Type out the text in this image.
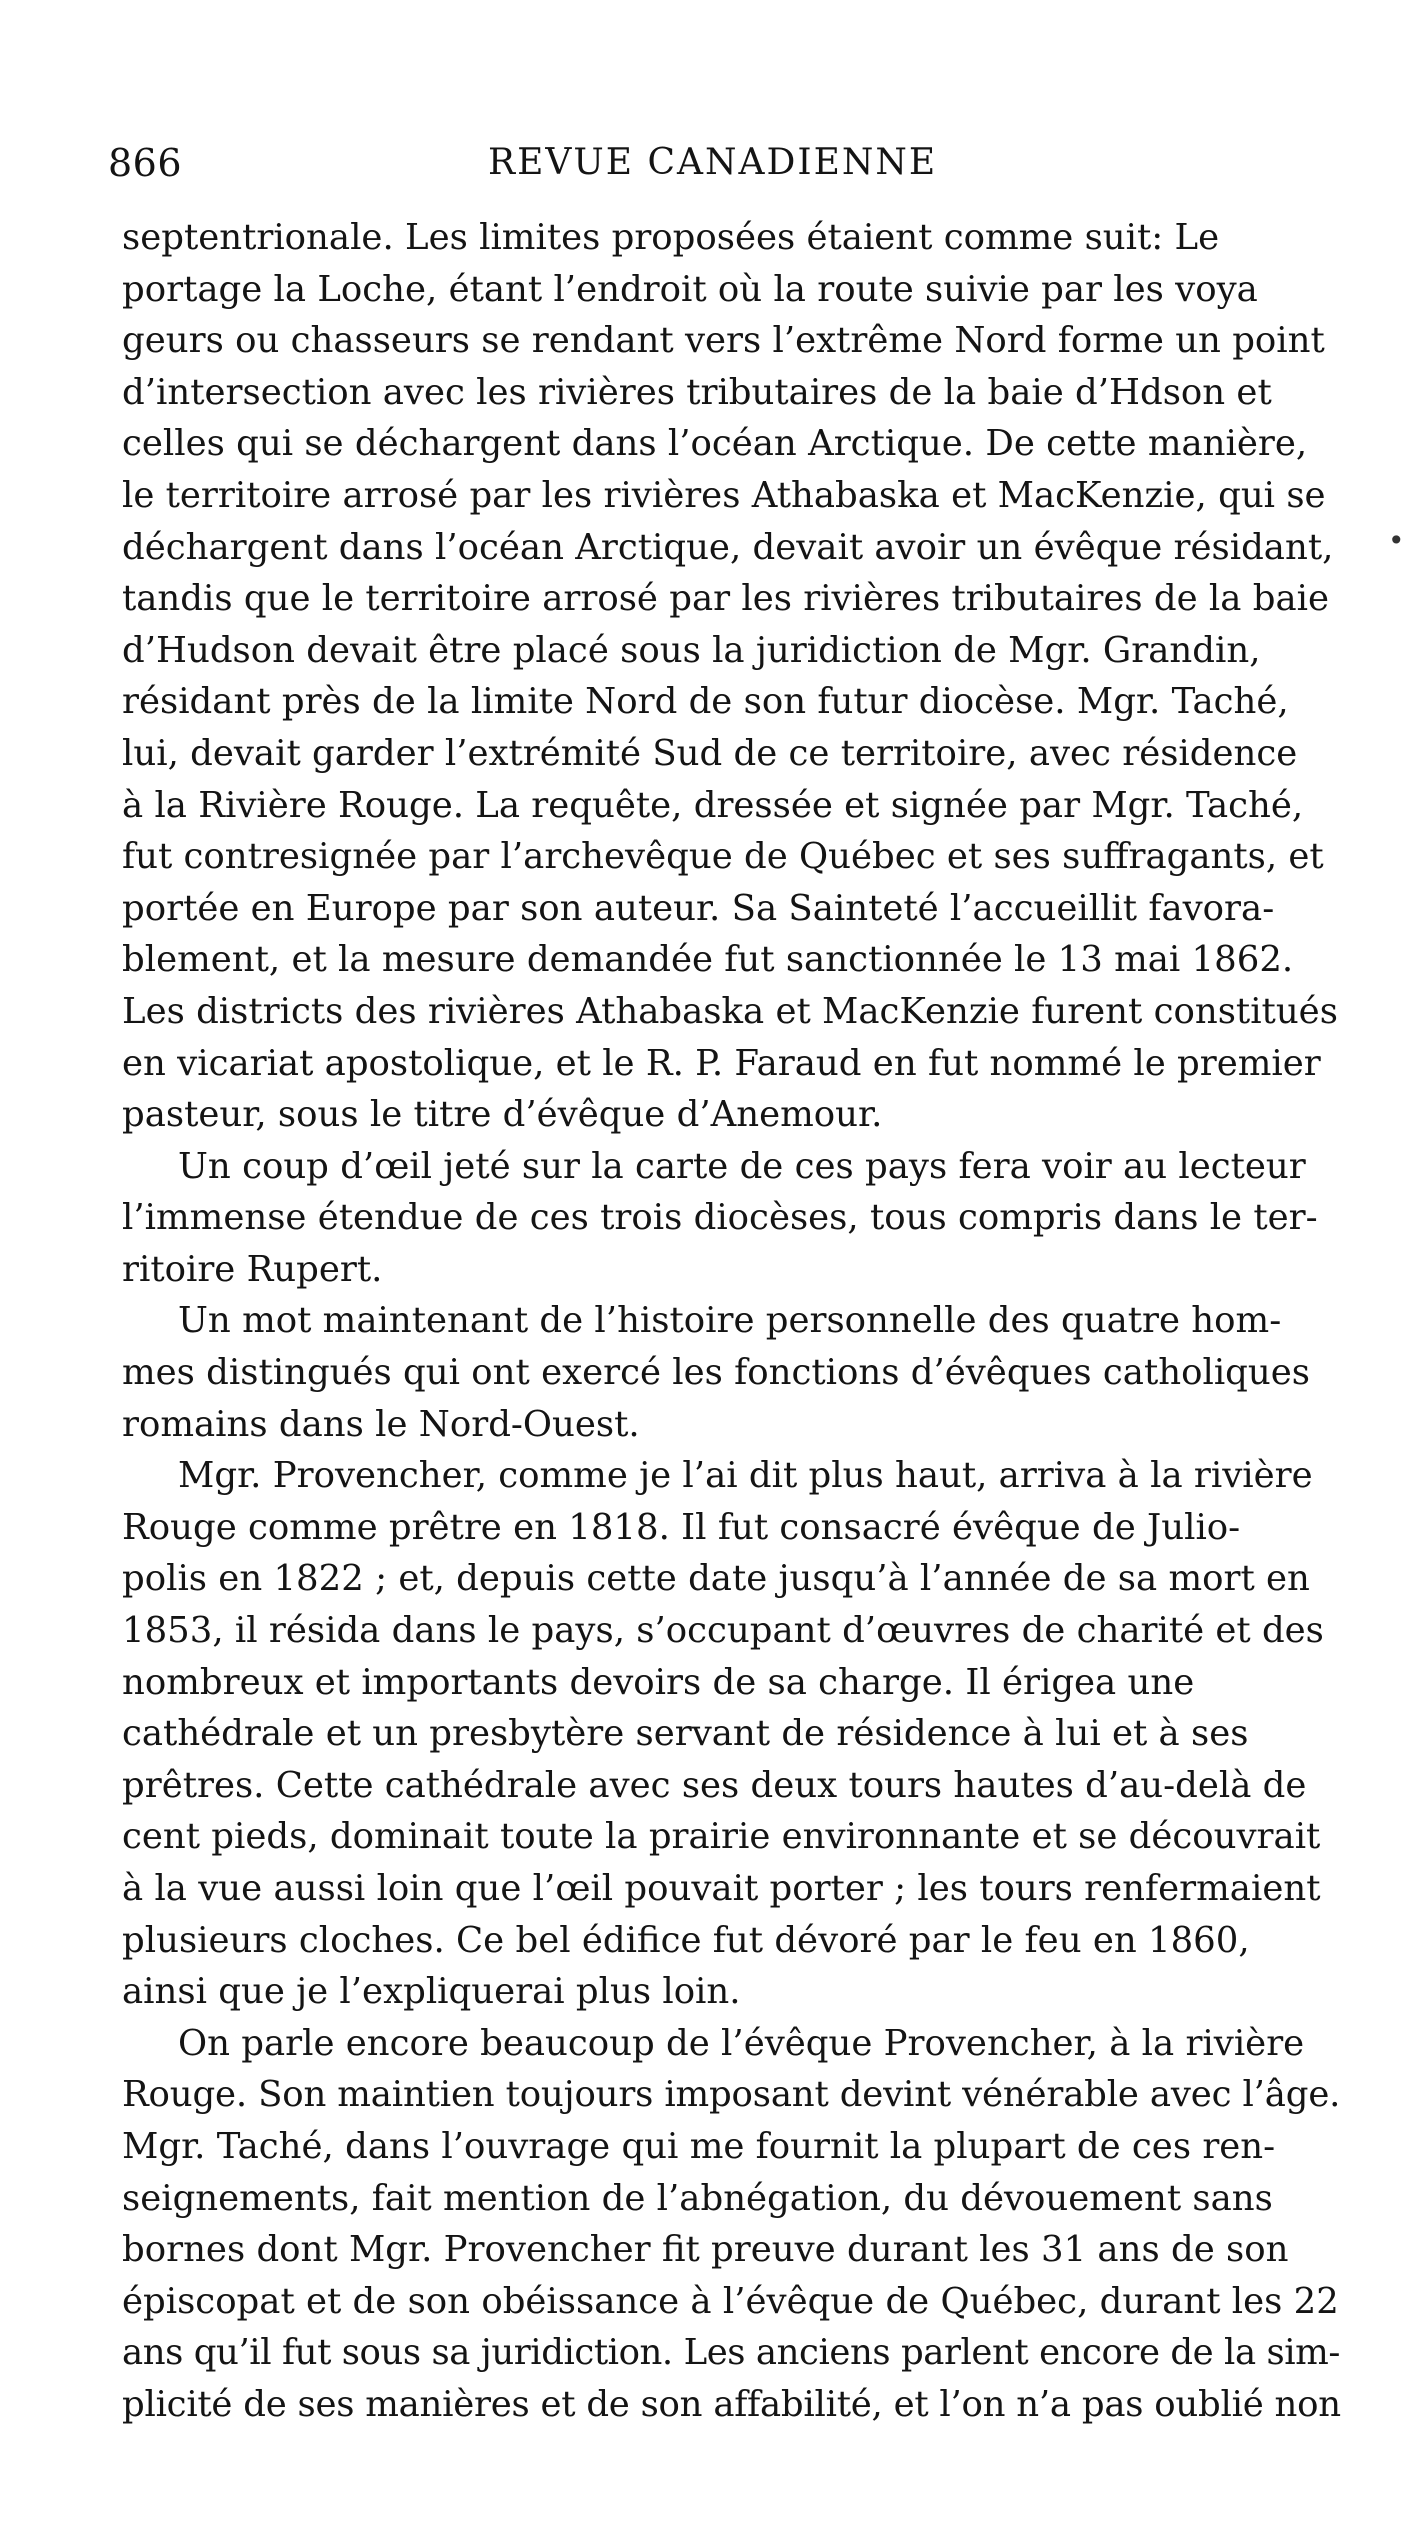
866	REVUE CANADIENNE
septentrionale. Les limites proposées étaient comme suit: Le
portage la Loche, étant l’endroit où la route suivie par les voya
geurs ou chasseurs se rendant vers l’extrême Nord forme un point
d’intersection avec les rivières tributaires de la baie d’Hdson et
celles qui se déchargent dans l’océan Arctique. De cette manière,
le territoire arrosé par les rivières Athabaska et MacKenzie, qui se
déchargent dans l’océan Arctique, devait avoir un évêque résidant,
tandis que le territoire arrosé par les rivières tributaires de la baie
d’Hudson devait être placé sous la juridiction de Mgr. Grandin,
résidant près de la limite Nord de son futur diocèse. Mgr. Taché,
lui, devait garder l’extrémité Sud de ce territoire, avec résidence
à la Rivière Rouge. La requête, dressée et signée par Mgr. Taché,
fut contresignée par l’archevêque de Québec et ses suffragants, et
portée en Europe par son auteur. Sa Sainteté l’accueillit favora-
blement, et la mesure demandée fut sanctionnée le 13 mai 1862.
Les districts des rivières Athabaska et MacKenzie furent constitués
en vicariat apostolique, et le R. P. Faraud en fut nommé le premier
pasteur, sous le titre d’évêque d’Anemour.
Un coup d’œil jeté sur la carte de ces pays fera voir au lecteur
l’immense étendue de ces trois diocèses, tous compris dans le ter-
ritoire Rupert.
Un mot maintenant de l’histoire personnelle des quatre hom-
mes distingués qui ont exercé les fonctions d’évêques catholiques
romains dans le Nord-Ouest.
Mgr. Provencher, comme je l’ai dit plus haut, arriva à la rivière
Rouge comme prêtre en 1818. Il fut consacré évêque de Julio-
polis en 1822 ; et, depuis cette date jusqu’à l’année de sa mort en
1853, il résida dans le pays, s’occupant d’œuvres de charité et des
nombreux et importants devoirs de sa charge. Il érigea une
cathédrale et un presbytère servant de résidence à lui et à ses
prêtres. Cette cathédrale avec ses deux tours hautes d’au-delà de
cent pieds, dominait toute la prairie environnante et se découvrait
à la vue aussi loin que l’œil pouvait porter ; les tours renfermaient
plusieurs cloches. Ce bel édifice fut dévoré par le feu en 1860,
ainsi que je l’expliquerai plus loin.
On parle encore beaucoup de l’évêque Provencher, à la rivière
Rouge. Son maintien toujours imposant devint vénérable avec l’âge.
Mgr. Taché, dans l’ouvrage qui me fournit la plupart de ces ren-
seignements, fait mention de l’abnégation, du dévouement sans
bornes dont Mgr. Provencher fit preuve durant les 31 ans de son
épiscopat et de son obéissance à l’évêque de Québec, durant les 22
ans qu’il fut sous sa juridiction. Les anciens parlent encore de la sim-
plicité de ses manières et de son affabilité, et l’on n’a pas oublié non
•
